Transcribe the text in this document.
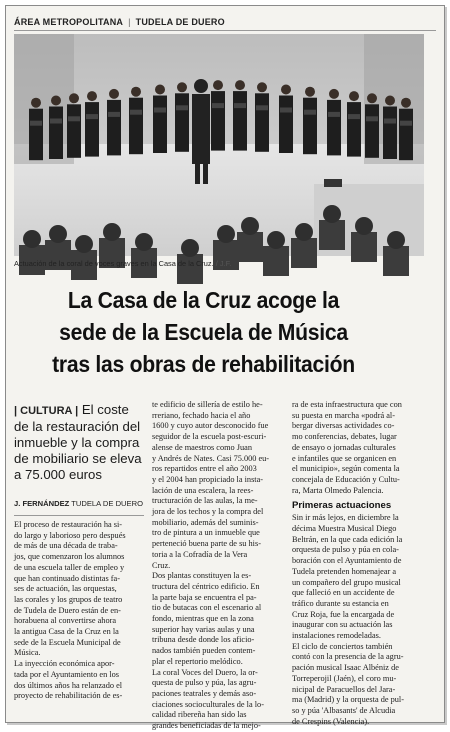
ÁREA METROPOLITANA | TUDELA DE DUERO
Actuación de la coral de voces graves en la Casa de la Cruz. / J.F.
La Casa de la Cruz acoge la
sede de la Escuela de Música
tras las obras de rehabilitación
| CULTURA | El coste de la restauración del inmueble y la compra de mobiliario se eleva a 75.000 euros
J. FERNÁNDEZ TUDELA DE DUERO
El proceso de restauración ha si-
do largo y laborioso pero después
de más de una década de traba-
jos, que comenzaron los alumnos
de una escuela taller de empleo y
que han continuado distintas fa-
ses de actuación, las orquestas,
las corales y los grupos de teatro
de Tudela de Duero están de en-
horabuena al convertirse ahora
la antigua Casa de la Cruz en la
sede de la Escuela Municipal de
Música.
La inyección económica apor-
tada por el Ayuntamiento en los
dos últimos años ha relanzado el
proyecto de rehabilitación de es-
te edificio de sillería de estilo he-
rreriano, fechado hacia el año
1600 y cuyo autor desconocido fue
seguidor de la escuela post-escuri-
alense de maestros como Juan
y Andrés de Nates. Casi 75.000 eu-
ros repartidos entre el año 2003
y el 2004 han propiciado la insta-
lación de una escalera, la rees-
tructuración de las aulas, la me-
jora de los techos y la compra del
mobiliario, además del suminis-
tro de pintura a un inmueble que
perteneció buena parte de su his-
toria a la Cofradía de la Vera
Cruz.
Dos plantas constituyen la es-
tructura del céntrico edificio. En
la parte baja se encuentra el pa-
tio de butacas con el escenario al
fondo, mientras que en la zona
superior hay varias aulas y una
tribuna desde donde los aficio-
nados también pueden contem-
plar el repertorio melódico.
La coral Voces del Duero, la or-
questa de pulso y púa, las agru-
paciones teatrales y demás aso-
ciaciones socioculturales de la lo-
calidad ribereña han sido las
grandes beneficiadas de la mejo-
ra de esta infraestructura que con
su puesta en marcha «podrá al-
bergar diversas actividades co-
mo conferencias, debates, lugar
de ensayo o jornadas culturales
e infantiles que se organicen en
el municipio», según comenta la
concejala de Educación y Cultu-
ra, Marta Olmedo Palencia.
Primeras actuaciones
Sin ir más lejos, en diciembre la
décima Muestra Musical Diego
Beltrán, en la que cada edición la
orquesta de pulso y púa en cola-
boración con el Ayuntamiento de
Tudela pretenden homenajear a
un compañero del grupo musical
que falleció en un accidente de
tráfico durante su estancia en
Cruz Roja, fue la encargada de
inaugurar con su actuación las
instalaciones remodeladas.
El ciclo de conciertos también
contó con la presencia de la agru-
pación musical Isaac Albéniz de
Torreperojil (Jaén), el coro mu-
nicipal de Paracuellos del Jara-
ma (Madrid) y la orquesta de pul-
so y púa 'Albasants' de Alcudia
de Crespins (Valencia).
